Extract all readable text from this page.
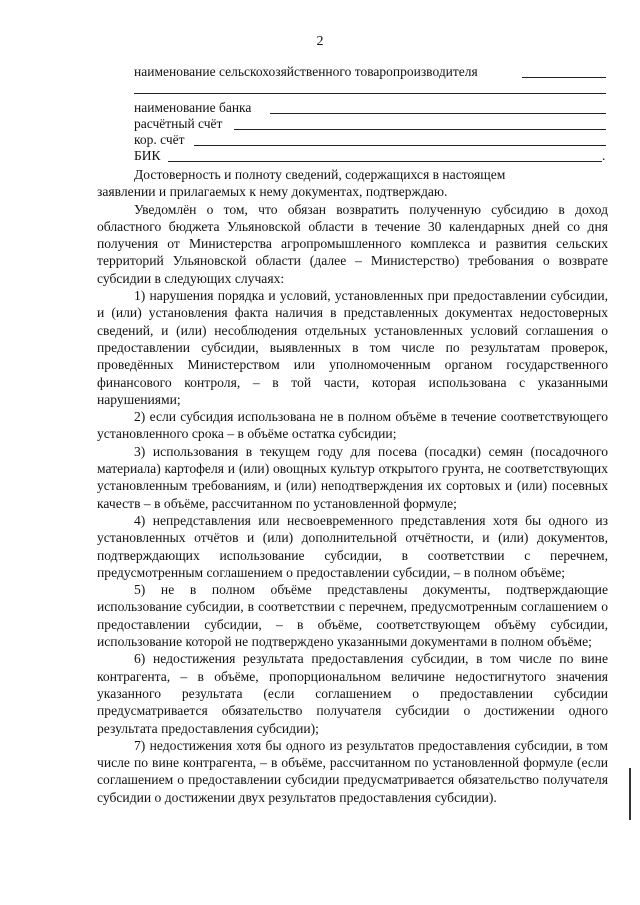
2
наименование сельскохозяйственного товаропроизводителя
наименование банка
расчётный счёт
кор. счёт
БИК	.

Достоверность и полноту сведений, содержащихся в настоящем

заявлении и прилагаемых к нему документах, подтверждаю.

Уведомлён о том, что обязан возвратить полученную субсидию в доход областного бюджета Ульяновской области в течение 30 календарных дней со дня получения от Министерства агропромышленного комплекса и развития сельских территорий Ульяновской области (далее – Министерство) требования о возврате субсидии в следующих случаях:

1) нарушения порядка и условий, установленных при предоставлении субсидии, и (или) установления факта наличия в представленных документах недостоверных сведений, и (или) несоблюдения отдельных установленных условий соглашения о предоставлении субсидии, выявленных в том числе по результатам проверок, проведённых Министерством или уполномоченным органом государственного финансового контроля, – в той части, которая использована с указанными нарушениями;

2) если субсидия использована не в полном объёме в течение соответствующего установленного срока – в объёме остатка субсидии;

3) использования в текущем году для посева (посадки) семян (посадочного материала) картофеля и (или) овощных культур открытого грунта, не соответствующих установленным требованиям, и (или) неподтверждения их сортовых и (или) посевных качеств – в объёме, рассчитанном по установленной формуле;

4) непредставления или несвоевременного представления хотя бы одного из установленных отчётов и (или) дополнительной отчётности, и (или) документов, подтверждающих использование субсидии, в соответствии с перечнем, предусмотренным соглашением о предоставлении субсидии, – в полном объёме;

5) не в полном объёме представлены документы, подтверждающие использование субсидии, в соответствии с перечнем, предусмотренным соглашением о предоставлении субсидии, – в объёме, соответствующем объёму субсидии, использование которой не подтверждено указанными документами в полном объёме;

6) недостижения результата предоставления субсидии, в том числе по вине контрагента, – в объёме, пропорциональном величине недостигнутого значения указанного результата (если соглашением о предоставлении субсидии предусматривается обязательство получателя субсидии о достижении одного результата предоставления субсидии);

7) недостижения хотя бы одного из результатов предоставления субсидии, в том числе по вине контрагента, – в объёме, рассчитанном по установленной формуле (если соглашением о предоставлении субсидии предусматривается обязательство получателя субсидии о достижении двух результатов предоставления субсидии).
